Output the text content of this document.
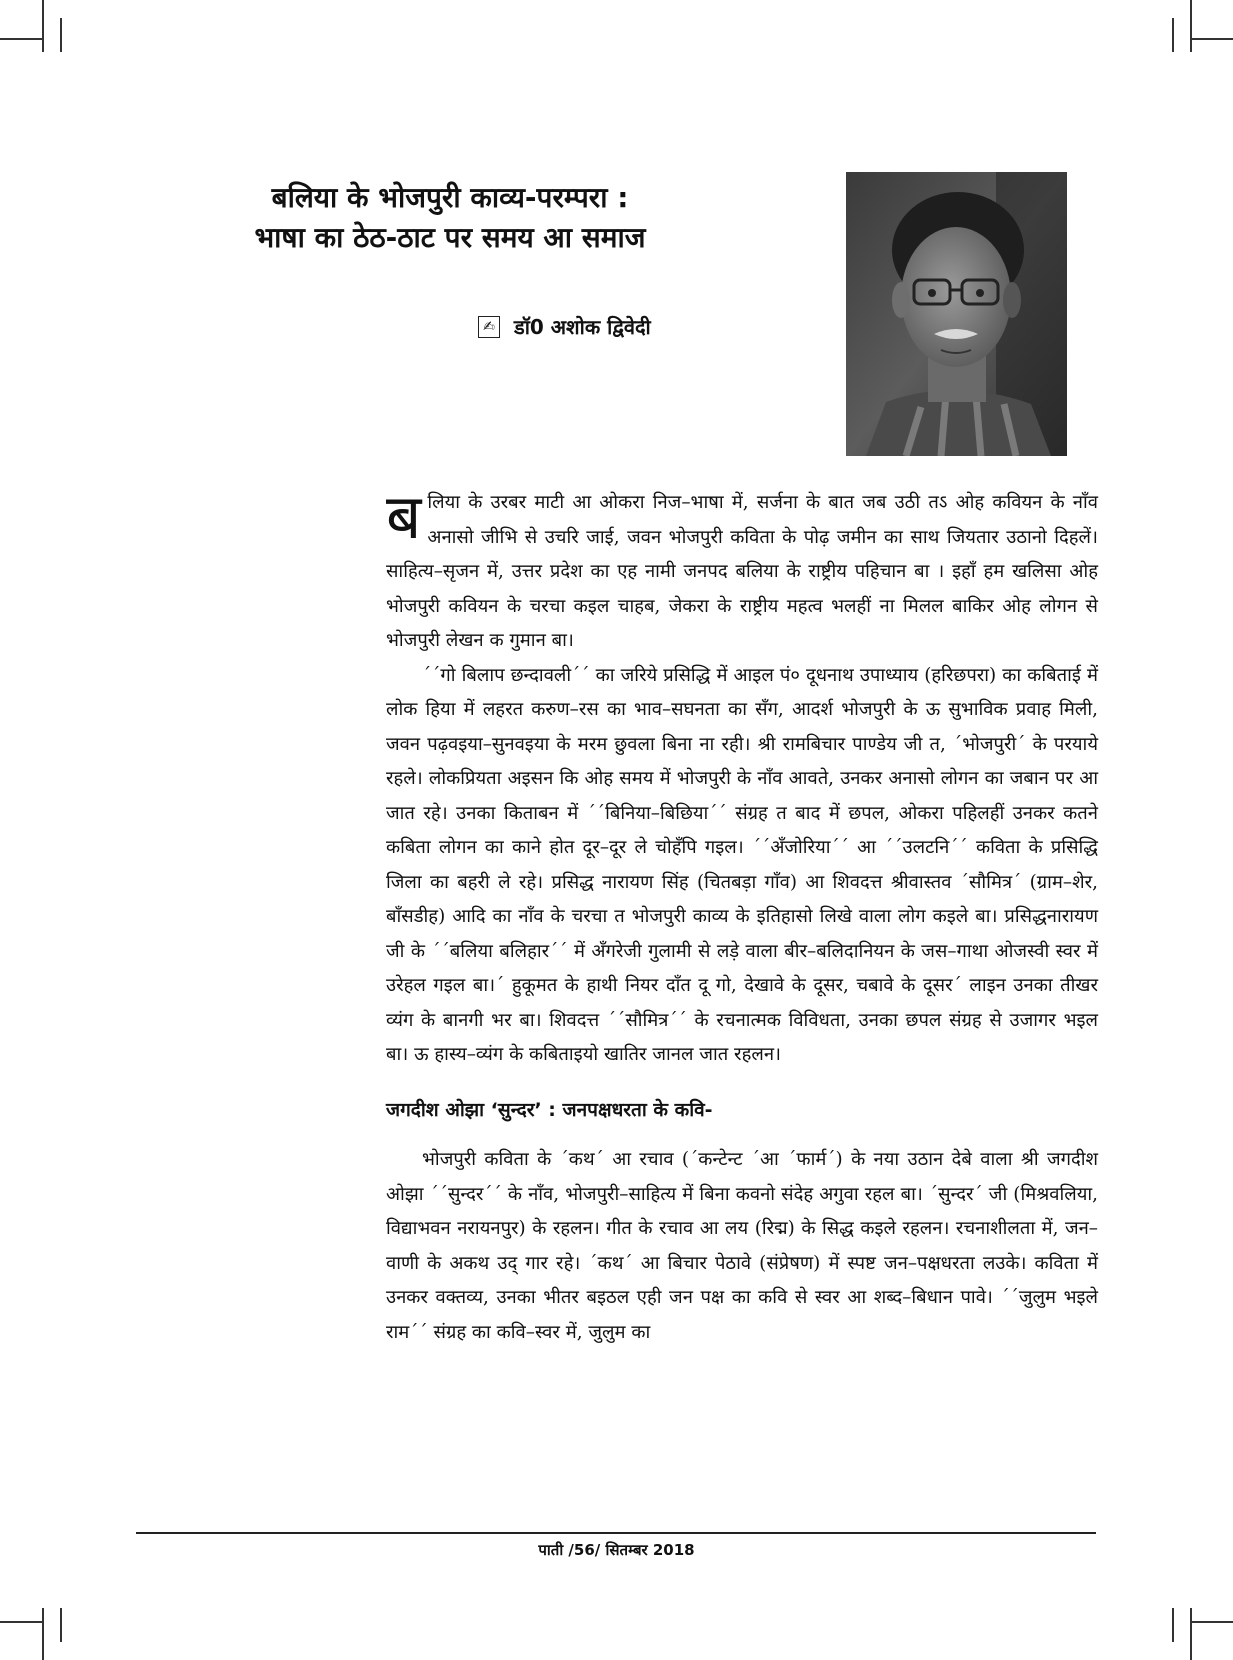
बलिया के भोजपुरी काव्य-परम्परा :
भाषा का ठेठ-ठाट पर समय आ समाज
✍ डॉ0 अशोक द्विवेदी

ब लिया के उरबर माटी आ ओकरा निज–भाषा में, सर्जना के बात जब उठी तऽ ओह कवियन के नाँव अनासो जीभि से उचरि जाई, जवन भोजपुरी कविता के पोढ़ जमीन का साथ जियतार उठानो दिहलें। साहित्य–सृजन में, उत्तर प्रदेश का एह नामी जनपद बलिया के राष्ट्रीय पहिचान बा । इहाँ हम खलिसा ओह भोजपुरी कवियन के चरचा कइल चाहब, जेकरा के राष्ट्रीय महत्व भलहीं ना मिलल बाकिर ओह लोगन से भोजपुरी लेखन क गुमान बा।

´´गो बिलाप छन्दावली´´ का जरिये प्रसिद्धि में आइल पं० दूधनाथ उपाध्याय (हरिछपरा) का कबिताई में लोक हिया में लहरत करुण–रस का भाव–सघनता का सँग, आदर्श भोजपुरी के ऊ सुभाविक प्रवाह मिली, जवन पढ़वइया–सुनवइया के मरम छुवला बिना ना रही। श्री रामबिचार पाण्डेय जी त, ´भोजपुरी´ के परयाये रहले। लोकप्रियता अइसन कि ओह समय में भोजपुरी के नाँव आवते, उनकर अनासो लोगन का जबान पर आ जात रहे। उनका किताबन में ´´बिनिया–बिछिया´´ संग्रह त बाद में छपल, ओकरा पहिलहीं उनकर कतने कबिता लोगन का काने होत दूर–दूर ले चोहँपि गइल। ´´अँजोरिया´´ आ ´´उलटनि´´ कविता के प्रसिद्धि जिला का बहरी ले रहे। प्रसिद्ध नारायण सिंह (चितबड़ा गाँव) आ शिवदत्त श्रीवास्तव ´सौमित्र´ (ग्राम–शेर, बाँसडीह) आदि का नाँव के चरचा त भोजपुरी काव्य के इतिहासो लिखे वाला लोग कइले बा। प्रसिद्धनारायण जी के ´´बलिया बलिहार´´ में अँगरेजी गुलामी से लड़े वाला बीर–बलिदानियन के जस–गाथा ओजस्वी स्वर में उरेहल गइल बा।´ हुकूमत के हाथी नियर दाँत दू गो, देखावे के दूसर, चबावे के दूसर´ लाइन उनका तीखर व्यंग के बानगी भर बा। शिवदत्त ´´सौमित्र´´ के रचनात्मक विविधता, उनका छपल संग्रह से उजागर भइल बा। ऊ हास्य–व्यंग के कबिताइयो खातिर जानल जात रहलन।

जगदीश ओझा ‘सुन्दर’ : जनपक्षधरता के कवि-

भोजपुरी कविता के ´कथ´ आ रचाव (´कन्टेन्ट ´आ ´फार्म´) के नया उठान देबे वाला श्री जगदीश ओझा ´´सुन्दर´´ के नाँव, भोजपुरी–साहित्य में बिना कवनो संदेह अगुवा रहल बा। ´सुन्दर´ जी (मिश्रवलिया, विद्याभवन नरायनपुर) के रहलन। गीत के रचाव आ लय (रिद्म) के सिद्ध कइले रहलन। रचनाशीलता में, जन–वाणी के अकथ उद् गार रहे। ´कथ´ आ बिचार पेठावे (संप्रेषण) में स्पष्ट जन–पक्षधरता लउके। कविता में उनकर वक्तव्य, उनका भीतर बइठल एही जन पक्ष का कवि से स्वर आ शब्द–बिधान पावे। ´´जुलुम भइले राम´´ संग्रह का कवि–स्वर में, जुलुम का

पाती /56/ सितम्बर 2018
